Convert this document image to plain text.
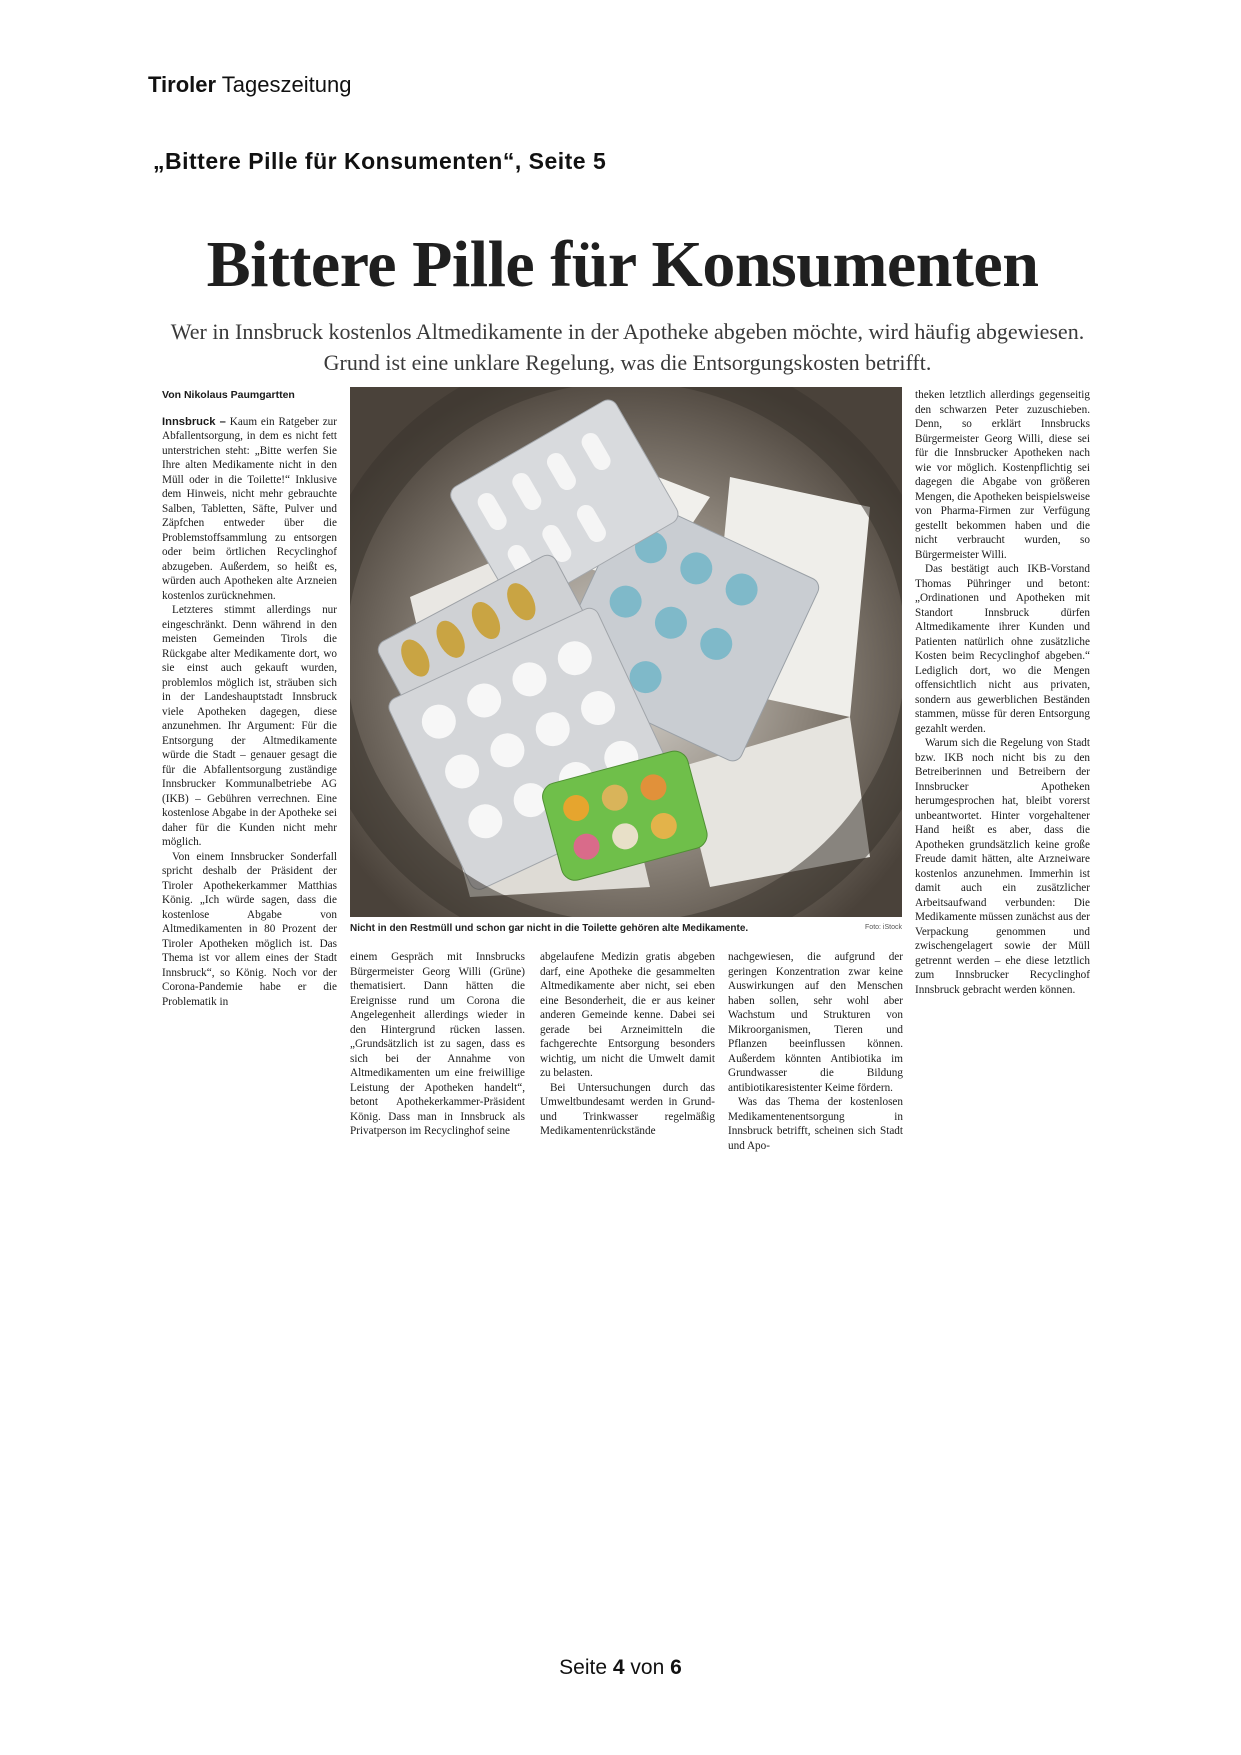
Tiroler Tageszeitung
„Bittere Pille für Konsumenten“, Seite 5
Bittere Pille für Konsumenten
Wer in Innsbruck kostenlos Altmedikamente in der Apotheke abgeben möchte, wird häufig abgewiesen. Grund ist eine unklare Regelung, was die Entsorgungskosten betrifft.
Von Nikolaus Paumgartten

Innsbruck – Kaum ein Ratgeber zur Abfallentsorgung, in dem es nicht fett unterstrichen steht: „Bitte werfen Sie Ihre alten Medikamente nicht in den Müll oder in die Toilette!“ Inklusive dem Hinweis, nicht mehr gebrauchte Salben, Tabletten, Säfte, Pulver und Zäpfchen entweder über die Problemstoffsammlung zu entsorgen oder beim örtlichen Recyclinghof abzugeben. Außerdem, so heißt es, würden auch Apotheken alte Arzneien kostenlos zurücknehmen.

Letzteres stimmt allerdings nur eingeschränkt. Denn während in den meisten Gemeinden Tirols die Rückgabe alter Medikamente dort, wo sie einst auch gekauft wurden, problemlos möglich ist, sträuben sich in der Landeshauptstadt Innsbruck viele Apotheken dagegen, diese anzunehmen. Ihr Argument: Für die Entsorgung der Altmedikamente würde die Stadt – genauer gesagt die für die Abfallentsorgung zuständige Innsbrucker Kommunalbetriebe AG (IKB) – Gebühren verrechnen. Eine kostenlose Abgabe in der Apotheke sei daher für die Kunden nicht mehr möglich.

Von einem Innsbrucker Sonderfall spricht deshalb der Präsident der Tiroler Apothekerkammer Matthias König. „Ich würde sagen, dass die kostenlose Abgabe von Altmedikamenten in 80 Prozent der Tiroler Apotheken möglich ist. Das Thema ist vor allem eines der Stadt Innsbruck“, so König. Noch vor der Corona-Pandemie habe er die Problematik in

Nicht in den Restmüll und schon gar nicht in die Toilette gehören alte Medikamente.	Foto: iStock

einem Gespräch mit Innsbrucks Bürgermeister Georg Willi (Grüne) thematisiert. Dann hätten die Ereignisse rund um Corona die Angelegenheit allerdings wieder in den Hintergrund rücken lassen. „Grundsätzlich ist zu sagen, dass es sich bei der Annahme von Altmedikamenten um eine freiwillige Leistung der Apotheken handelt“, betont Apothekerkammer-Präsident König. Dass man in Innsbruck als Privatperson im Recyclinghof seine

abgelaufene Medizin gratis abgeben darf, eine Apotheke die gesammelten Altmedikamente aber nicht, sei eben eine Besonderheit, die er aus keiner anderen Gemeinde kenne. Dabei sei gerade bei Arzneimitteln die fachgerechte Entsorgung besonders wichtig, um nicht die Umwelt damit zu belasten.

Bei Untersuchungen durch das Umweltbundesamt werden in Grund- und Trinkwasser regelmäßig Medikamentenrückstände

nachgewiesen, die aufgrund der geringen Konzentration zwar keine Auswirkungen auf den Menschen haben sollen, sehr wohl aber Wachstum und Strukturen von Mikroorganismen, Tieren und Pflanzen beeinflussen können. Außerdem könnten Antibiotika im Grundwasser die Bildung antibiotikaresistenter Keime fördern.

Was das Thema der kostenlosen Medikamentenentsorgung in Innsbruck betrifft, scheinen sich Stadt und Apo-

theken letztlich allerdings gegenseitig den schwarzen Peter zuzuschieben. Denn, so erklärt Innsbrucks Bürgermeister Georg Willi, diese sei für die Innsbrucker Apotheken nach wie vor möglich. Kostenpflichtig sei dagegen die Abgabe von größeren Mengen, die Apotheken beispielsweise von Pharma-Firmen zur Verfügung gestellt bekommen haben und die nicht verbraucht wurden, so Bürgermeister Willi.

Das bestätigt auch IKB-Vorstand Thomas Pühringer und betont: „Ordinationen und Apotheken mit Standort Innsbruck dürfen Altmedikamente ihrer Kunden und Patienten natürlich ohne zusätzliche Kosten beim Recyclinghof abgeben.“ Lediglich dort, wo die Mengen offensichtlich nicht aus privaten, sondern aus gewerblichen Beständen stammen, müsse für deren Entsorgung gezahlt werden.

Warum sich die Regelung von Stadt bzw. IKB noch nicht bis zu den Betreiberinnen und Betreibern der Innsbrucker Apotheken herumgesprochen hat, bleibt vorerst unbeantwortet. Hinter vorgehaltener Hand heißt es aber, dass die Apotheken grundsätzlich keine große Freude damit hätten, alte Arzneiware kostenlos anzunehmen. Immerhin ist damit auch ein zusätzlicher Arbeitsaufwand verbunden: Die Medikamente müssen zunächst aus der Verpackung genommen und zwischengelagert sowie der Müll getrennt werden – ehe diese letztlich zum Innsbrucker Recyclinghof Innsbruck gebracht werden können.

Seite 4 von 6
